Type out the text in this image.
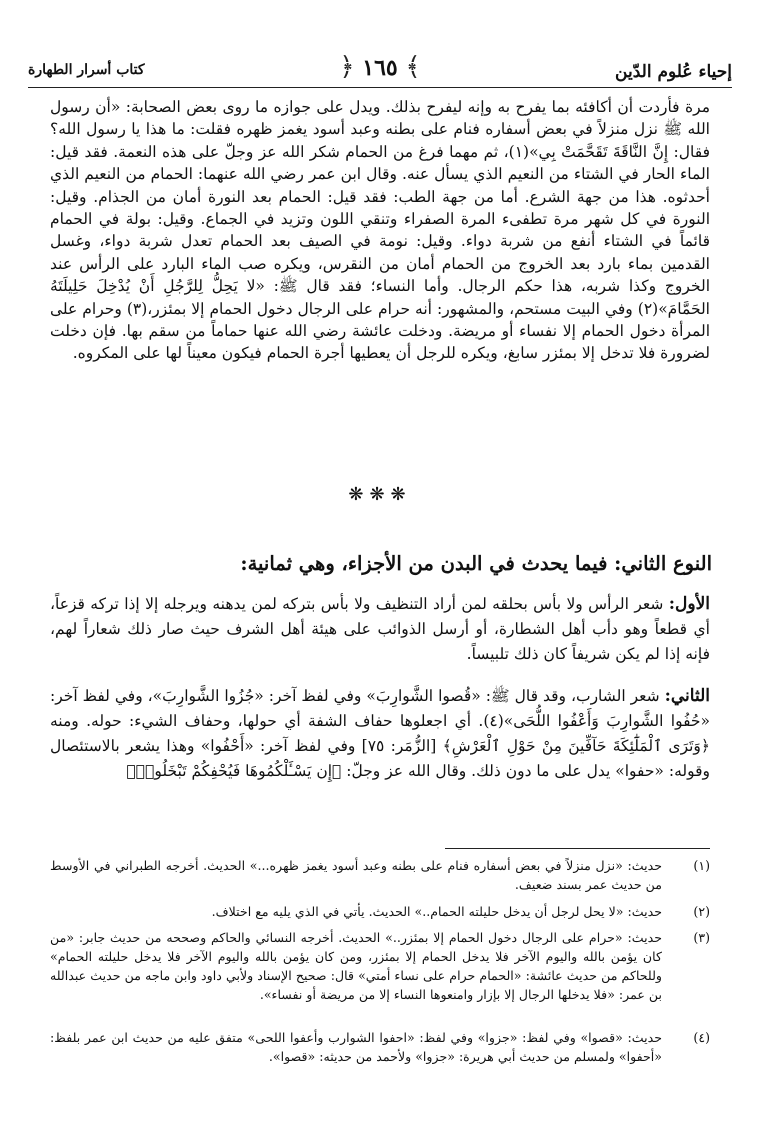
إحياء عُلوم الدّين
﴾ ١٦٥ ﴿
كتاب أسرار الطهارة

مرة فأردت أن أكافئه بما يفرح به وإنه ليفرح بذلك. ويدل على جوازه ما روى بعض الصحابة: «أن رسول الله ﷺ نزل منزلاً في بعض أسفاره فنام على بطنه وعبد أسود يغمز ظهره فقلت: ما هذا يا رسول الله؟ فقال: إِنَّ النَّاقَةَ تَقَحَّمَتْ بِي»(١)، ثم مهما فرغ من الحمام شكر الله عز وجلّ على هذه النعمة. فقد قيل: الماء الحار في الشتاء من النعيم الذي يسأل عنه. وقال ابن عمر رضي الله عنهما: الحمام من النعيم الذي أحدثوه. هذا من جهة الشرع. أما من جهة الطب: فقد قيل: الحمام بعد النورة أمان من الجذام. وقيل: النورة في كل شهر مرة تطفىء المرة الصفراء وتنقي اللون وتزيد في الجماع. وقيل: بولة في الحمام قائماً في الشتاء أنفع من شربة دواء. وقيل: نومة في الصيف بعد الحمام تعدل شربة دواء، وغسل القدمين بماء بارد بعد الخروج من الحمام أمان من النقرس، ويكره صب الماء البارد على الرأس عند الخروج وكذا شربه، هذا حكم الرجال. وأما النساء؛ فقد قال ﷺ: «لا يَحِلُّ لِلرَّجُلِ أَنْ يُدْخِلَ حَلِيلَتَهُ الحَمَّامَ»(٢) وفي البيت مستحم، والمشهور: أنه حرام على الرجال دخول الحمام إلا بمئزر،(٣) وحرام على المرأة دخول الحمام إلا نفساء أو مريضة. ودخلت عائشة رضي الله عنها حماماً من سقم بها. فإن دخلت لضرورة فلا تدخل إلا بمئزر سابغ، ويكره للرجل أن يعطيها أجرة الحمام فيكون معيناً لها على المكروه.

❋❋❋
النوع الثاني: فيما يحدث في البدن من الأجزاء، وهي ثمانية:
الأول: شعر الرأس ولا بأس بحلقه لمن أراد التنظيف ولا بأس بتركه لمن يدهنه ويرجله إلا إذا تركه قزعاً، أي قطعاً وهو دأب أهل الشطارة، أو أرسل الذوائب على هيئة أهل الشرف حيث صار ذلك شعاراً لهم، فإنه إذا لم يكن شريفاً كان ذلك تلبيساً.
الثاني: شعر الشارب، وقد قال ﷺ: «قُصوا الشَّوارِبَ» وفي لفظ آخر: «جُزُوا الشَّوارِبَ»، وفي لفظ آخر: «حُفُوا الشَّوارِبَ وَأَعْفُوا اللُّحَى»(٤). أي اجعلوها حفاف الشفة أي حولها، وحفاف الشيء: حوله. ومنه ﴿وَتَرَى ٱلْمَلَٰٓئِكَةَ حَآفِّينَ مِنْ حَوْلِ ٱلْعَرْشِ﴾ [الزُّمَر: ٧٥] وفي لفظ آخر: «أَحْفُوا» وهذا يشعر بالاستئصال وقوله: «حفوا» يدل على ما دون ذلك. وقال الله عز وجلّ: ﴿إِن يَسْـَٔلْكُمُوهَا فَيُحْفِكُمْ تَبْخَلُوا۟﴾
(١)
حديث: «نزل منزلاً في بعض أسفاره فنام على بطنه وعبد أسود يغمز ظهره...» الحديث. أخرجه الطبراني في الأوسط من حديث عمر بسند ضعيف.
(٢)
حديث: «لا يحل لرجل أن يدخل حليلته الحمام..» الحديث. يأتي في الذي يليه مع اختلاف.
(٣)
حديث: «حرام على الرجال دخول الحمام إلا بمئزر..» الحديث. أخرجه النسائي والحاكم وصححه من حديث جابر: «من كان يؤمن بالله واليوم الآخر فلا يدخل الحمام إلا بمئزر، ومن كان يؤمن بالله واليوم الآخر فلا يدخل حليلته الحمام» وللحاكم من حديث عائشة: «الحمام حرام على نساء أمتي» قال: صحيح الإسناد ولأبي داود وابن ماجه من حديث عبدالله بن عمر: «فلا يدخلها الرجال إلا بإزار وامنعوها النساء إلا من مريضة أو نفساء».
(٤)
حديث: «قصوا» وفي لفظ: «جزوا» وفي لفظ: «احفوا الشوارب وأعفوا اللحى» متفق عليه من حديث ابن عمر بلفظ: «أحفوا» ولمسلم من حديث أبي هريرة: «جزوا» ولأحمد من حديثه: «قصوا».
